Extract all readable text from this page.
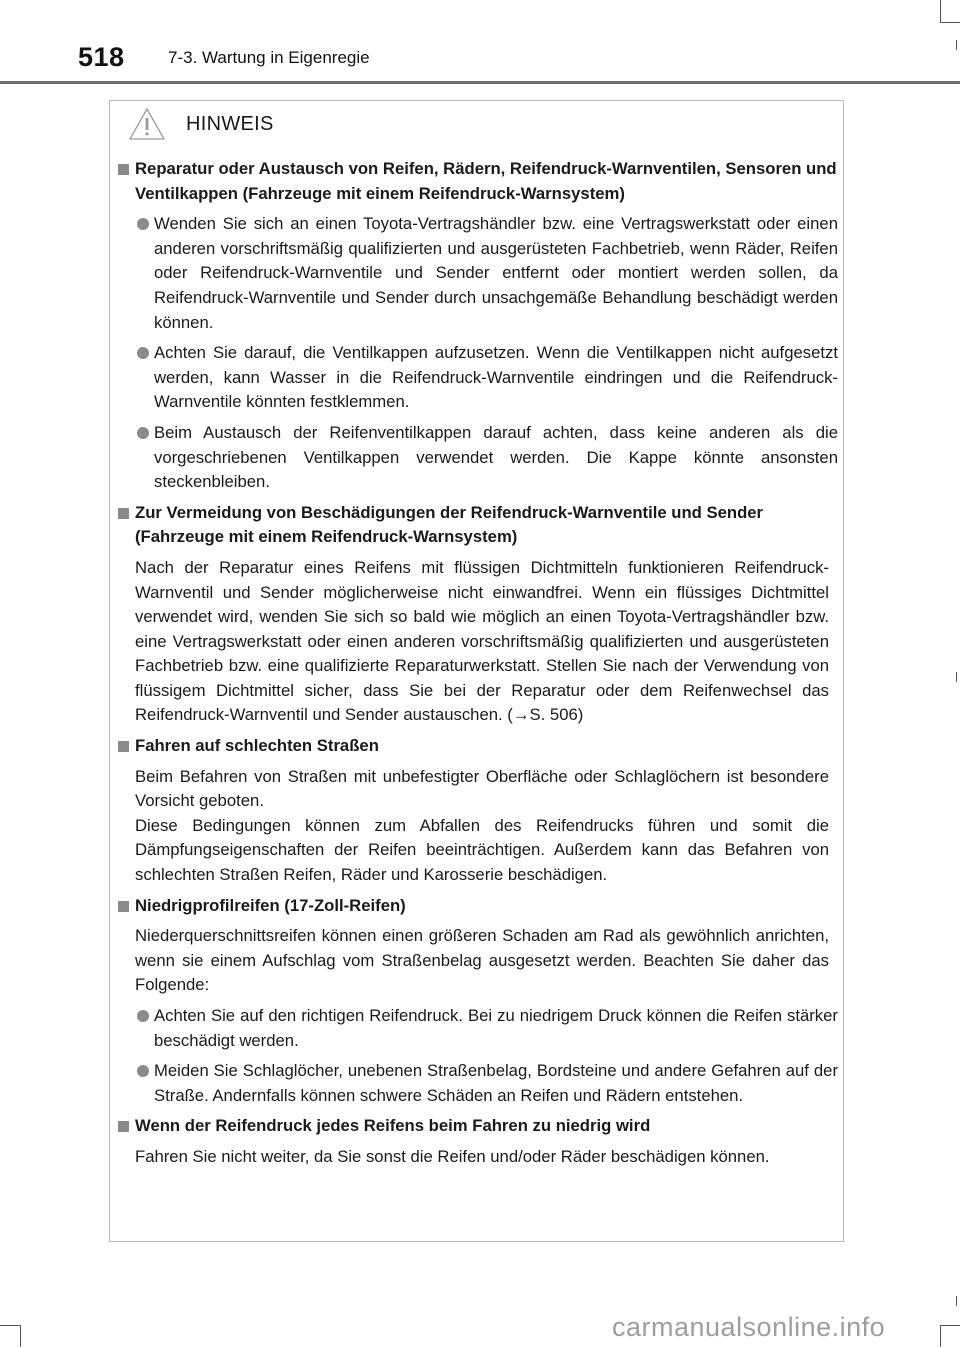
518	7-3. Wartung in Eigenregie
HINWEIS
Reparatur oder Austausch von Reifen, Rädern, Reifendruck-Warnventilen, Sensoren und Ventilkappen (Fahrzeuge mit einem Reifendruck-Warnsystem)
Wenden Sie sich an einen Toyota-Vertragshändler bzw. eine Vertragswerkstatt oder einen anderen vorschriftsmäßig qualifizierten und ausgerüsteten Fachbetrieb, wenn Räder, Reifen oder Reifendruck-Warnventile und Sender entfernt oder montiert werden sollen, da Reifendruck-Warnventile und Sender durch unsachgemäße Behandlung beschädigt werden können.
Achten Sie darauf, die Ventilkappen aufzusetzen. Wenn die Ventilkappen nicht aufgesetzt werden, kann Wasser in die Reifendruck-Warnventile eindringen und die Reifendruck-Warnventile könnten festklemmen.
Beim Austausch der Reifenventilkappen darauf achten, dass keine anderen als die vorgeschriebenen Ventilkappen verwendet werden. Die Kappe könnte ansonsten steckenbleiben.
Zur Vermeidung von Beschädigungen der Reifendruck-Warnventile und Sender (Fahrzeuge mit einem Reifendruck-Warnsystem)
Nach der Reparatur eines Reifens mit flüssigen Dichtmitteln funktionieren Reifendruck-Warnventil und Sender möglicherweise nicht einwandfrei. Wenn ein flüssiges Dichtmittel verwendet wird, wenden Sie sich so bald wie möglich an einen Toyota-Vertragshändler bzw. eine Vertragswerkstatt oder einen anderen vorschriftsmäßig qualifizierten und ausgerüsteten Fachbetrieb bzw. eine qualifizierte Reparaturwerkstatt. Stellen Sie nach der Verwendung von flüssigem Dichtmittel sicher, dass Sie bei der Reparatur oder dem Reifenwechsel das Reifendruck-Warnventil und Sender austauschen. (→S. 506)
Fahren auf schlechten Straßen
Beim Befahren von Straßen mit unbefestigter Oberfläche oder Schlaglöchern ist besondere Vorsicht geboten.
Diese Bedingungen können zum Abfallen des Reifendrucks führen und somit die Dämpfungseigenschaften der Reifen beeinträchtigen. Außerdem kann das Befahren von schlechten Straßen Reifen, Räder und Karosserie beschädigen.
Niedrigprofilreifen (17-Zoll-Reifen)
Niederquerschnittsreifen können einen größeren Schaden am Rad als gewöhnlich anrichten, wenn sie einem Aufschlag vom Straßenbelag ausgesetzt werden. Beachten Sie daher das Folgende:
Achten Sie auf den richtigen Reifendruck. Bei zu niedrigem Druck können die Reifen stärker beschädigt werden.
Meiden Sie Schlaglöcher, unebenen Straßenbelag, Bordsteine und andere Gefahren auf der Straße. Andernfalls können schwere Schäden an Reifen und Rädern entstehen.
Wenn der Reifendruck jedes Reifens beim Fahren zu niedrig wird
Fahren Sie nicht weiter, da Sie sonst die Reifen und/oder Räder beschädigen können.
carmanualsonline.info
